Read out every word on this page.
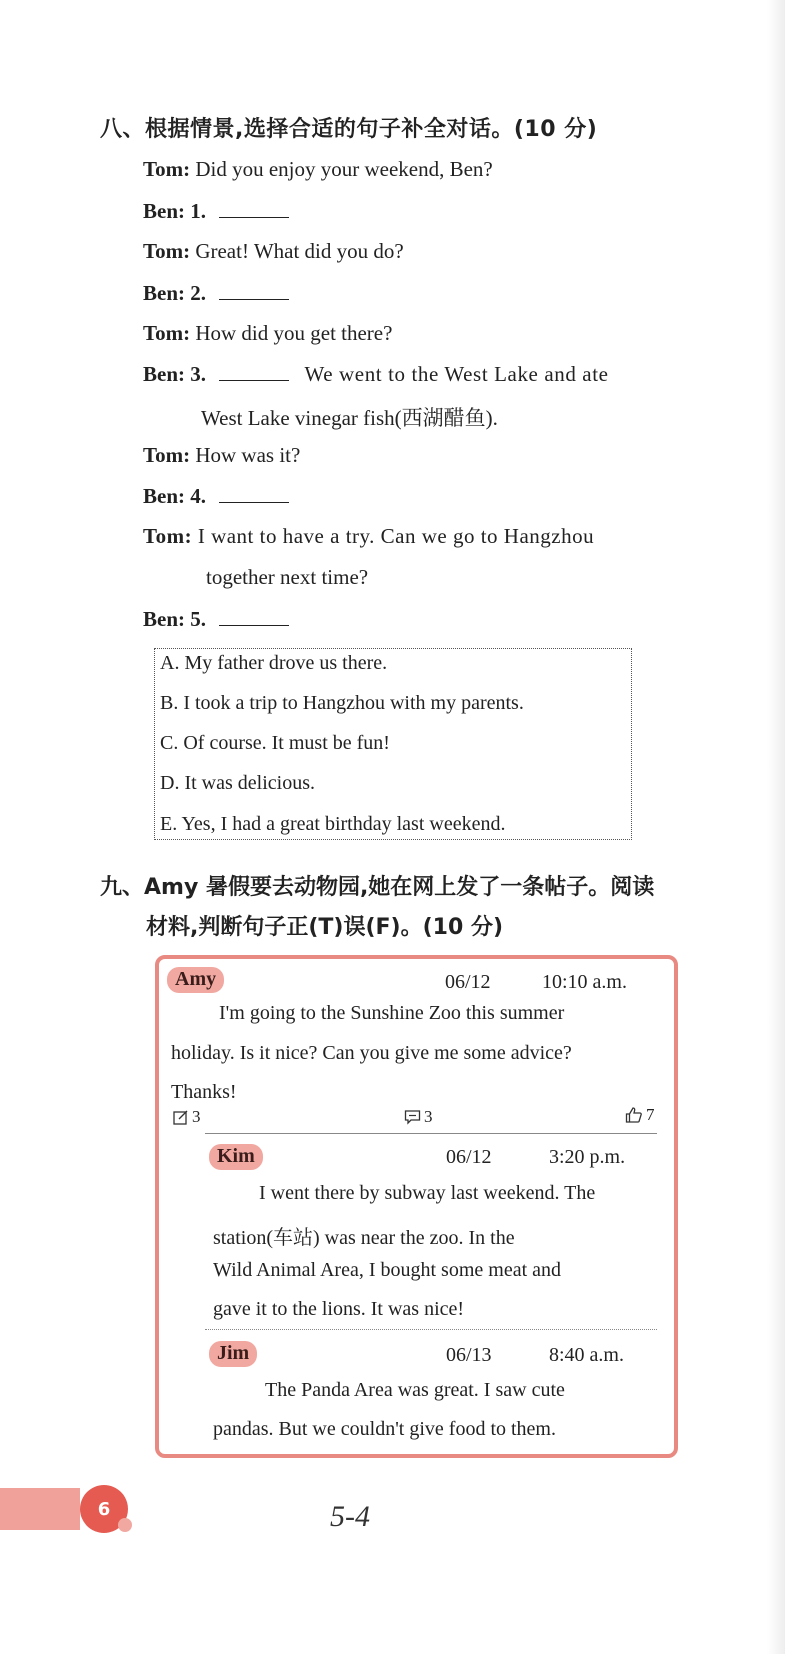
八、根据情景,选择合适的句子补全对话。(10 分)
Tom: Did you enjoy your weekend, Ben?
Ben: 1.
Tom: Great! What did you do?
Ben: 2.
Tom: How did you get there?
Ben: 3.	We went to the West Lake and ate
West Lake vinegar fish(西湖醋鱼).
Tom: How was it?
Ben: 4.
Tom: I want to have a try. Can we go to Hangzhou
together next time?
Ben: 5.
A. My father drove us there.
B. I took a trip to Hangzhou with my parents.
C. Of course. It must be fun!
D. It was delicious.
E. Yes, I had a great birthday last weekend.
九、Amy 暑假要去动物园,她在网上发了一条帖子。阅读
材料,判断句子正(T)误(F)。(10 分)
Amy	06/12	10:10 a.m.
I'm going to the Sunshine Zoo this summer
holiday. Is it nice? Can you give me some advice?
Thanks!
3	3	7
Kim	06/12	3:20 p.m.
I went there by subway last weekend. The
station(车站) was near the zoo. In the
Wild Animal Area, I bought some meat and
gave it to the lions. It was nice!
Jim	06/13	8:40 a.m.
The Panda Area was great. I saw cute
pandas. But we couldn't give food to them.
6	5-4
